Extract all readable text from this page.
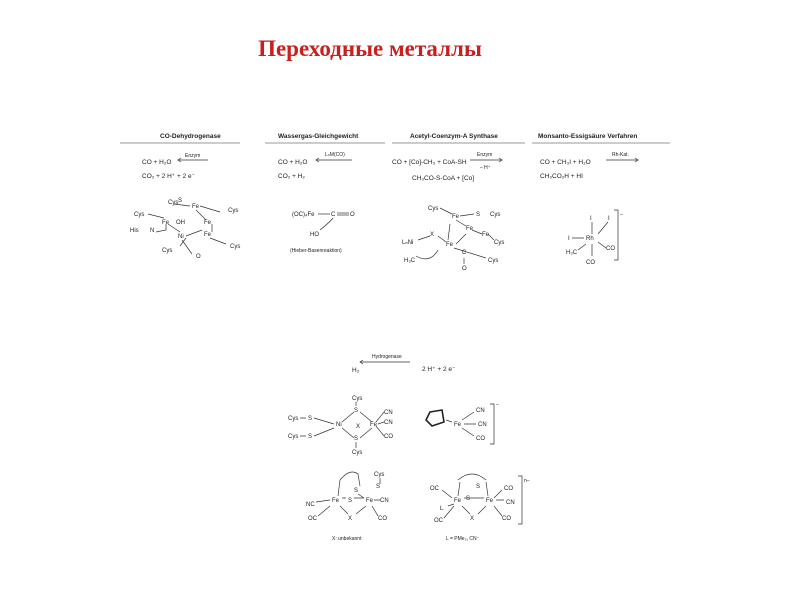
Переходные металлы
CO-Dehydrogenase
CO + H₂O
Enzym
CO₂ + 2 H⁺ + 2 e⁻
Cys
Cys
Cys
His N
Fe OH
Fe
Fe
Ni	Fe
S
Cys
Cys
O
Wassergas-Gleichgewicht
CO + H₂O
LₙM(CO)
CO₂ + H₂
(OC)₄Fe	C O
HO
(Hieber-Basenreaktion)
Acetyl-Coenzym-A Synthase
CO + [Co]-CH₃ + CoA-SH
Enzym
– H⁺
CH₃CO-S-CoA + [Co]
Cys
Cys
Fe	S
X
Fe
Fe
LₙNi	Fe	Cys
H₃C
C
O
Cys
Monsanto-Essigsäure Verfahren
CO + CH₃I + H₂O
Rh-Kat.
CH₃CO₂H + HI
I	I
I	Rh
H₃C
CO
CO
–
Hydrogenase
H₂	2 H⁺ + 2 e⁻
Cys
S
Cys S
Ni X Fe
CN
CN
CO
Cys S	S
Cys
Fe
CN
CN
CO
–
Cys
S
S
S
Fe	Fe
NC
CN
OC	X	CO
X: unbekannt
S
S
Fe	Fe
OC
L
CO
CN
OC	X	CO
n–
L = PMe₃, CN⁻
